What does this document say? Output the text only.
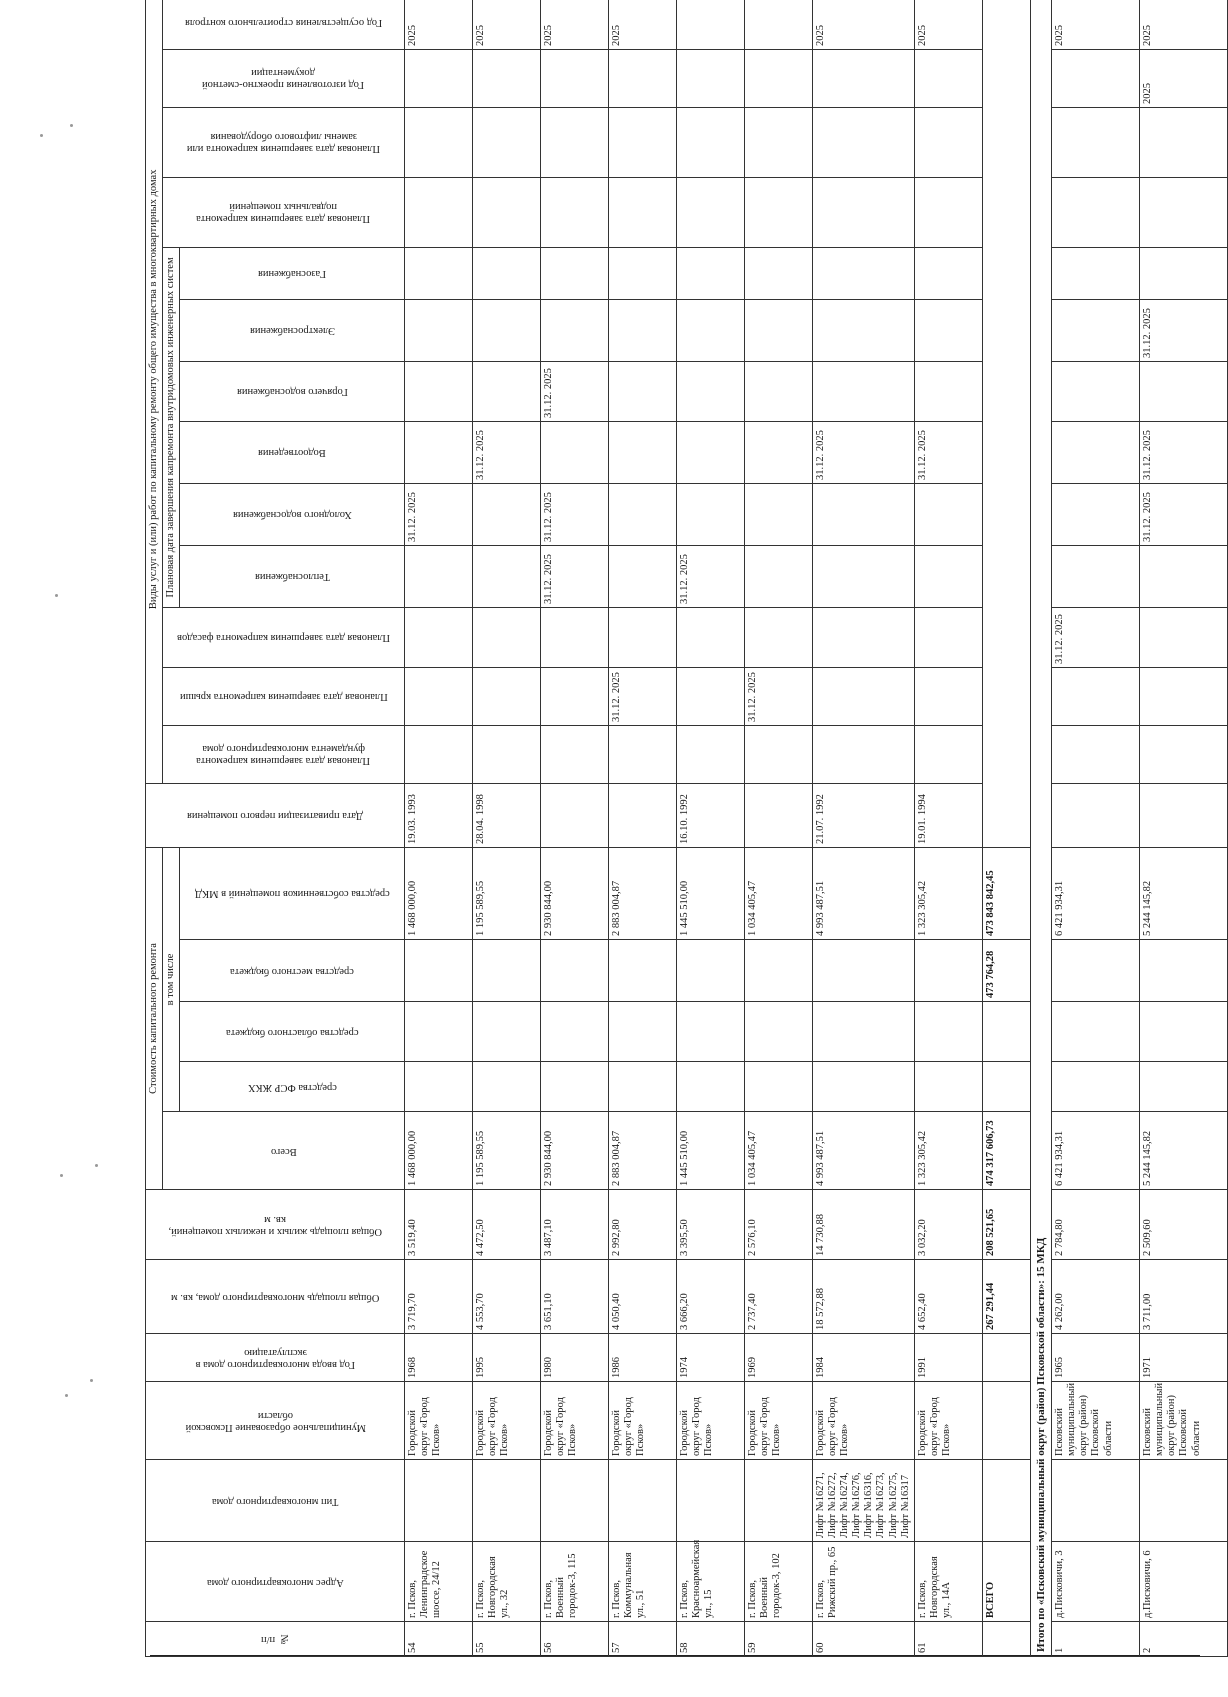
№ п/п	Адрес многоквартирного дома	Тип многоквартирного дома	Муниципальное образование Псковской области	Год ввода многоквартирного дома в эксплуатацию	Общая площадь многоквартирного дома, кв. м	Общая площадь жилых и нежилых помещений, кв. м	Стоимость капитального ремонта					Дата приватизации первого помещения	Виды услуг и (или) работ по капитальному ремонту общего имущества в многоквартирных домах												

							Всего	в том числе					Плановая дата завершения капремонта фундамента многоквартирного дома	Плановая дата завершения капремонта крыши	Плановая дата завершения капремонта фасадов	Плановая дата завершения капремонта внутридомовых инженерных систем						Плановая дата завершения капремонта подвальных помещений	Плановая дата завершения капремонта или замены лифтового оборудования	Год изготовления проектно-сметной документации	Год осуществления строительного контроля

								средства ФСР ЖКХ	средства областного бюджета	средства местного бюджета	средства собственников помещений в МКД					Теплоснабжения	Холодного водоснабжения	Водоотведения	Горячего водоснабжения	Электроснабжения	Газоснабжения				

54	г. Псков, Ленинградское шоссе, 24/12		Городской округ «Город Псков»	1968	3 719,70	3 519,40	1 468 000,00				1 468 000,00	19.03. 1993					31.12. 2025								2025
55	г. Псков, Новгородская ул., 32		Городской округ «Город Псков»	1995	4 553,70	4 472,50	1 195 589,55				1 195 589,55	28.04. 1998						31.12. 2025							2025
56	г. Псков, Военный городок-3, 115		Городской округ «Город Псков»	1980	3 651,10	3 487,10	2 930 844,00				2 930 844,00					31.12. 2025	31.12. 2025		31.12. 2025						2025
57	г. Псков, Коммунальная ул., 51		Городской округ «Город Псков»	1986	4 050,40	2 992,80	2 883 004,87				2 883 004,87			31.12. 2025											2025
58	г. Псков, Красноармейская ул., 15		Городской округ «Город Псков»	1974	3 666,20	3 395,50	1 445 510,00				1 445 510,00	16.10. 1992				31.12. 2025									
59	г. Псков, Военный городок-3, 102		Городской округ «Город Псков»	1969	2 737,40	2 576,10	1 034 405,47				1 034 405,47			31.12. 2025											
60	г. Псков, Рижский пр., 65	Лифт №16271, Лифт №16272, Лифт №16274, Лифт №16276, Лифт №16316, Лифт №16273, Лифт №16275, Лифт №16317	Городской округ «Город Псков»	1984	18 572,88	14 730,88	4 993 487,51				4 993 487,51	21.07. 1992						31.12. 2025							2025
61	г. Псков, Новгородская ул., 14А		Городской округ «Город Псков»	1991	4 652,40	3 032,20	1 323 305,42				1 323 305,42	19.01. 1994						31.12. 2025							2025
	ВСЕГО				267 291,44	208 521,65	474 317 606,73			473 764,28	473 843 842,45														
Итого по «Псковский муниципальный округ (район) Псковской области»: 15 МКД																									
1	д.Писковичи, 3		Псковский муниципальный округ (район) Псковской области	1965	4 262,00	2 784,80	6 421 934,31				6 421 934,31				31.12. 2025										2025
2	д.Писковичи, 6		Псковский муниципальный округ (район) Псковской области	1971	3 711,00	2 509,60	5 244 145,82				5 244 145,82						31.12. 2025	31.12. 2025		31.12. 2025				2025	2025
